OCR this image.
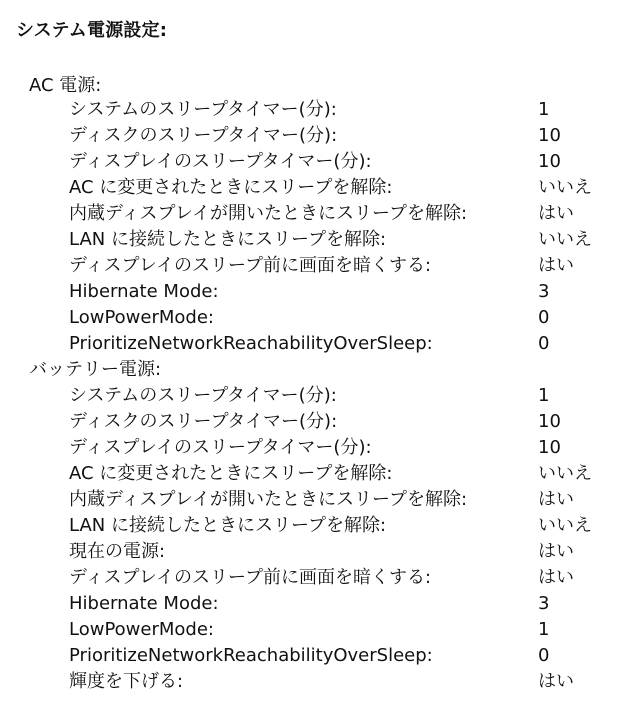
システム電源設定:
AC 電源:
システムのスリープタイマー(分):	1
ディスクのスリープタイマー(分):	10
ディスプレイのスリープタイマー(分):	10
AC に変更されたときにスリープを解除:	いいえ
内蔵ディスプレイが開いたときにスリープを解除:	はい
LAN に接続したときにスリープを解除:	いいえ
ディスプレイのスリープ前に画面を暗くする:	はい
Hibernate Mode:	3
LowPowerMode:	0
PrioritizeNetworkReachabilityOverSleep:	0
バッテリー電源:
システムのスリープタイマー(分):	1
ディスクのスリープタイマー(分):	10
ディスプレイのスリープタイマー(分):	10
AC に変更されたときにスリープを解除:	いいえ
内蔵ディスプレイが開いたときにスリープを解除:	はい
LAN に接続したときにスリープを解除:	いいえ
現在の電源:	はい
ディスプレイのスリープ前に画面を暗くする:	はい
Hibernate Mode:	3
LowPowerMode:	1
PrioritizeNetworkReachabilityOverSleep:	0
輝度を下げる:	はい
